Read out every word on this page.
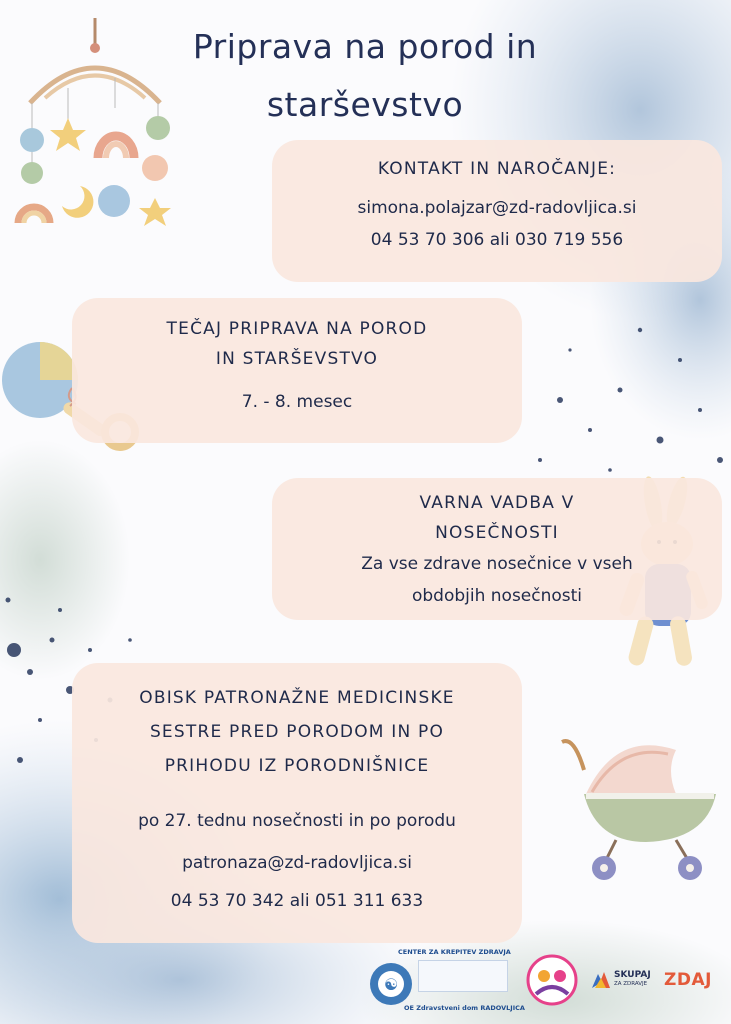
Priprava na porod in
starševstvo
KONTAKT IN NAROČANJE:
simona.polajzar@zd-radovljica.si
04 53 70 306 ali 030 719 556
TEČAJ PRIPRAVA NA POROD
IN STARŠEVSTVO
7. - 8. mesec
VARNA VADBA V
NOSEČNOSTI
Za vse zdrave nosečnice v vseh
obdobjih nosečnosti
OBISK PATRONAŽNE MEDICINSKE
SESTRE PRED PORODOM IN PO
PRIHODU IZ PORODNIŠNICE
po 27. tednu nosečnosti in po porodu
patronaza@zd-radovljica.si
04 53 70 342 ali 051 311 633
☯
CENTER ZA KREPITEV ZDRAVJA
OE Zdravstveni dom RADOVLJICA
SKUPAJ
ZA ZDRAVJE ZDAJ
